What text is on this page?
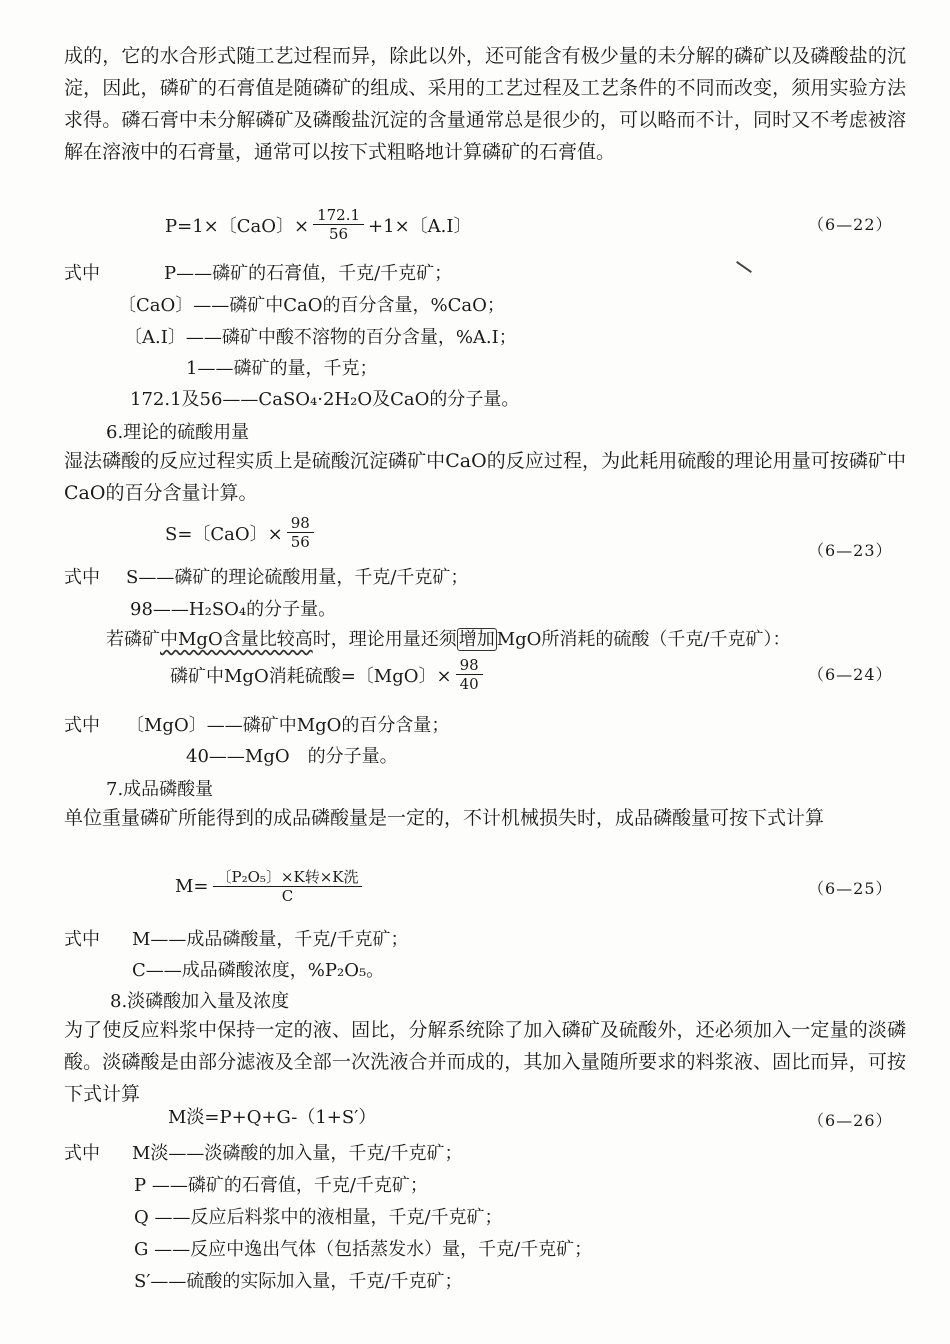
成的，它的水合形式随工艺过程而异，除此以外，还可能含有极少量的未分解的磷矿以及磷酸盐的沉淀，因此，磷矿的石膏值是随磷矿的组成、采用的工艺过程及工艺条件的不同而改变，须用实验方法求得。磷石膏中未分解磷矿及磷酸盐沉淀的含量通常总是很少的，可以略而不计，同时又不考虑被溶解在溶液中的石膏量，通常可以按下式粗略地计算磷矿的石膏值。

P=1×〔CaO〕× $\frac{172.1}{56} +1\times$〔A.I〕	（6—22）
式中	P——磷矿的石膏值，千克/千克矿；
〔CaO〕——磷矿中CaO的百分含量，%CaO；
〔A.I〕——磷矿中酸不溶物的百分含量，%A.I；
1——磷矿的量，千克；
172.1及56——CaSO₄·2H₂O及CaO的分子量。
6.理论的硫酸用量

湿法磷酸的反应过程实质上是硫酸沉淀磷矿中CaO的反应过程，为此耗用硫酸的理论用量可按磷矿中CaO的百分含量计算。

S=〔CaO〕× $\frac{98}{56}$	（6—23）
式中 S——磷矿的理论硫酸用量，千克/千克矿；
98——H₂SO₄的分子量。
若磷矿中MgO含量比较高时，理论用量还须 增加 MgO所消耗的硫酸（千克/千克矿）：
磷矿中MgO消耗硫酸=〔MgO〕× $\frac{98}{40}$	（6—24）
式中 〔MgO〕——磷矿中MgO的百分含量；
40——MgO　的分子量。
7.成品磷酸量

单位重量磷矿所能得到的成品磷酸量是一定的，不计机械损失时，成品磷酸量可按下式计算

$M= \frac{\text{〔P₂O₅〕×K转×K洗}}{C}$	（6—25）
式中 M——成品磷酸量，千克/千克矿；
C——成品磷酸浓度，%P₂O₅。
8.淡磷酸加入量及浓度

为了使反应料浆中保持一定的液、固比，分解系统除了加入磷矿及硫酸外，还必须加入一定量的淡磷酸。淡磷酸是由部分滤液及全部一次洗液合并而成的，其加入量随所要求的料浆液、固比而异，可按下式计算

M淡=P+Q+G-（1+S′）	（6—26）
式中 M淡——淡磷酸的加入量，千克/千克矿；
P ——磷矿的石膏值，千克/千克矿；
Q ——反应后料浆中的液相量，千克/千克矿；
G ——反应中逸出气体（包括蒸发水）量，千克/千克矿；
S′——硫酸的实际加入量，千克/千克矿；
